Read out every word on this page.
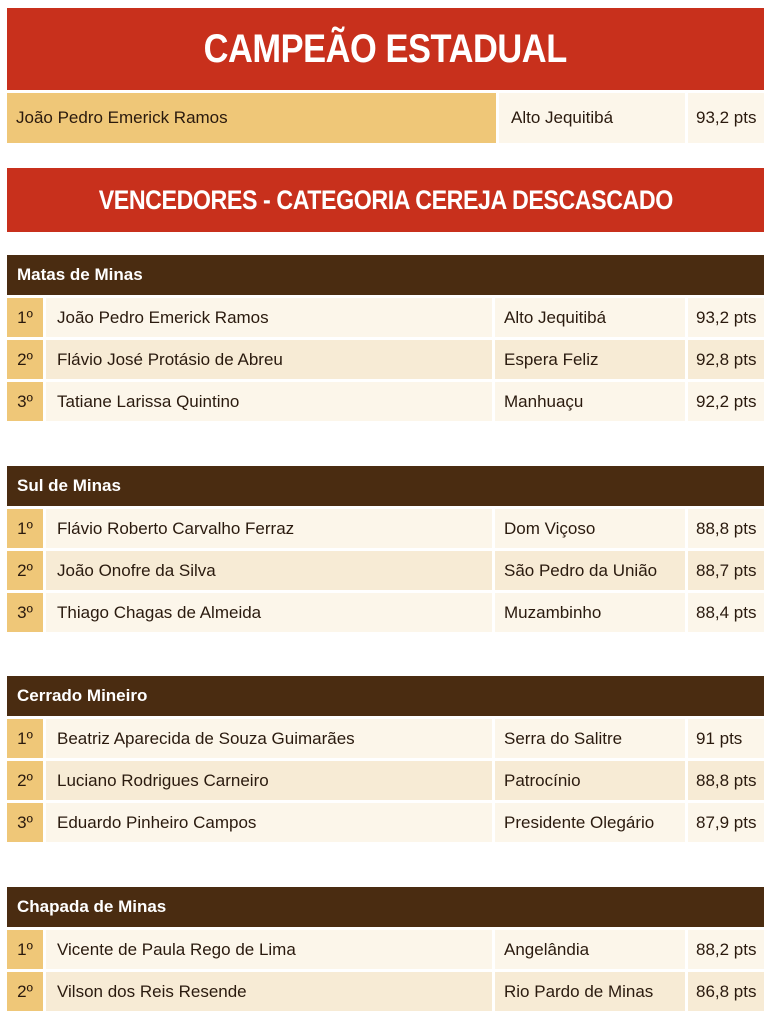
CAMPEÃO ESTADUAL
João Pedro Emerick Ramos	Alto Jequitibá	93,2 pts
VENCEDORES - CATEGORIA CEREJA DESCASCADO
Matas de Minas
1º	João Pedro Emerick Ramos	Alto Jequitibá	93,2 pts
2º	Flávio José Protásio de Abreu	Espera Feliz	92,8 pts
3º	Tatiane Larissa Quintino	Manhuaçu	92,2 pts
Sul de Minas
1º	Flávio Roberto Carvalho Ferraz	Dom Viçoso	88,8 pts
2º	João Onofre da Silva	São Pedro da União	88,7 pts
3º	Thiago Chagas de Almeida	Muzambinho	88,4 pts
Cerrado Mineiro
1º	Beatriz Aparecida de Souza Guimarães	Serra do Salitre	91 pts
2º	Luciano Rodrigues Carneiro	Patrocínio	88,8 pts
3º	Eduardo Pinheiro Campos	Presidente Olegário	87,9 pts
Chapada de Minas
1º	Vicente de Paula Rego de Lima	Angelândia	88,2 pts
2º	Vilson dos Reis Resende	Rio Pardo de Minas	86,8 pts
